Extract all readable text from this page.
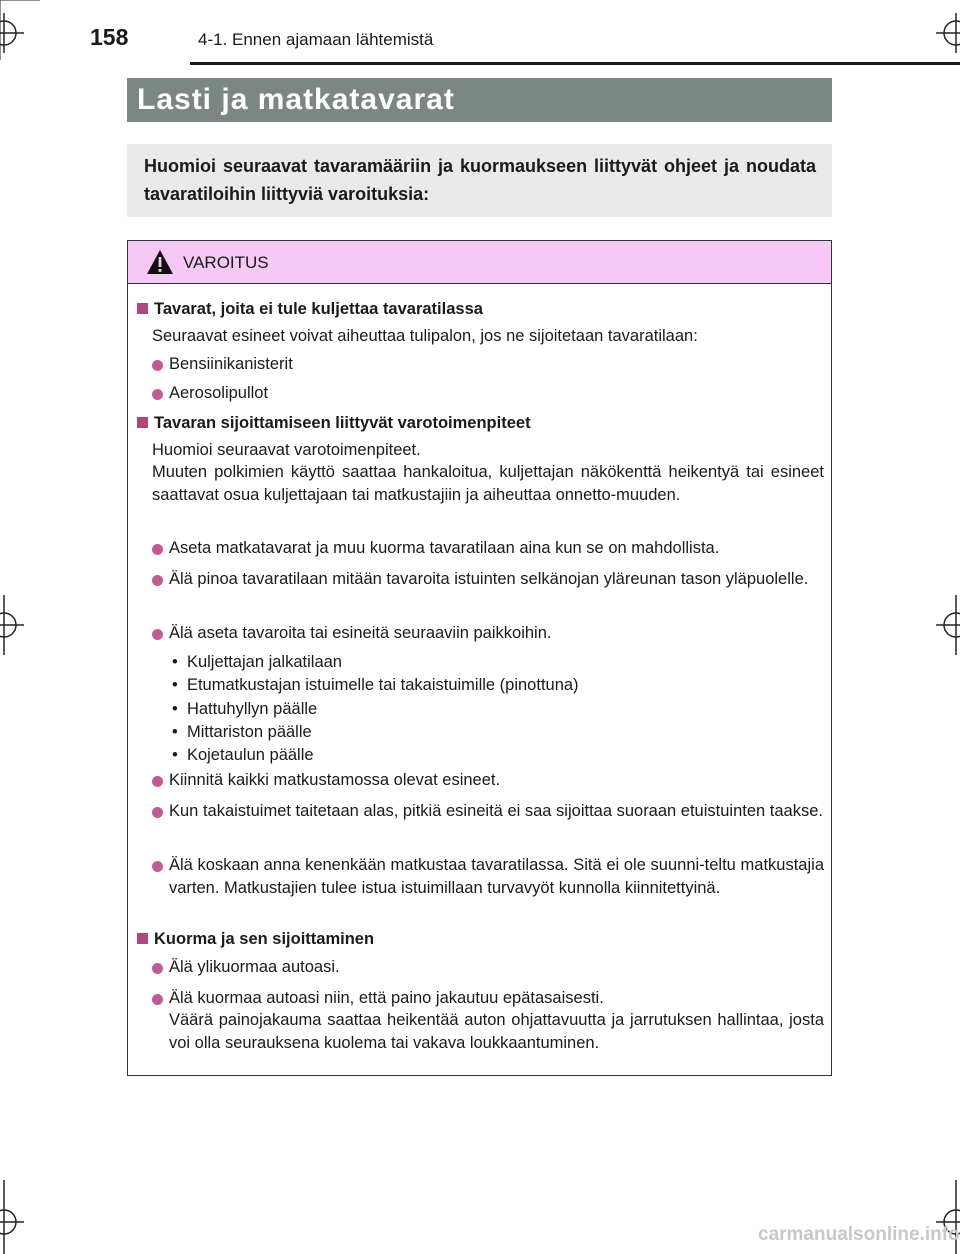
158	4-1. Ennen ajamaan lähtemistä
Lasti ja matkatavarat
Huomioi seuraavat tavaramääriin ja kuormaukseen liittyvät ohjeet ja noudata tavaratiloihin liittyviä varoituksia:
VAROITUS
Tavarat, joita ei tule kuljettaa tavaratilassa
Seuraavat esineet voivat aiheuttaa tulipalon, jos ne sijoitetaan tavaratilaan:
Bensiinikanisterit
Aerosolipullot
Tavaran sijoittamiseen liittyvät varotoimenpiteet
Huomioi seuraavat varotoimenpiteet.
Muuten polkimien käyttö saattaa hankaloitua, kuljettajan näkökenttä heikentyä tai esineet saattavat osua kuljettajaan tai matkustajiin ja aiheuttaa onnetto-muuden.
Aseta matkatavarat ja muu kuorma tavaratilaan aina kun se on mahdollista.
Älä pinoa tavaratilaan mitään tavaroita istuinten selkänojan yläreunan tason yläpuolelle.
Älä aseta tavaroita tai esineitä seuraaviin paikkoihin.
•  Kuljettajan jalkatilaan
•  Etumatkustajan istuimelle tai takaistuimille (pinottuna)
•  Hattuhyllyn päälle
•  Mittariston päälle
•  Kojetaulun päälle
Kiinnitä kaikki matkustamossa olevat esineet.
Kun takaistuimet taitetaan alas, pitkiä esineitä ei saa sijoittaa suoraan etuistuinten taakse.
Älä koskaan anna kenenkään matkustaa tavaratilassa. Sitä ei ole suunni-teltu matkustajia varten. Matkustajien tulee istua istuimillaan turvavyöt kunnolla kiinnitettyinä.
Kuorma ja sen sijoittaminen
Älä ylikuormaa autoasi.
Älä kuormaa autoasi niin, että paino jakautuu epätasaisesti.
Väärä painojakauma saattaa heikentää auton ohjattavuutta ja jarrutuksen hallintaa, josta voi olla seurauksena kuolema tai vakava loukkaantuminen.
carmanualsonline.info
